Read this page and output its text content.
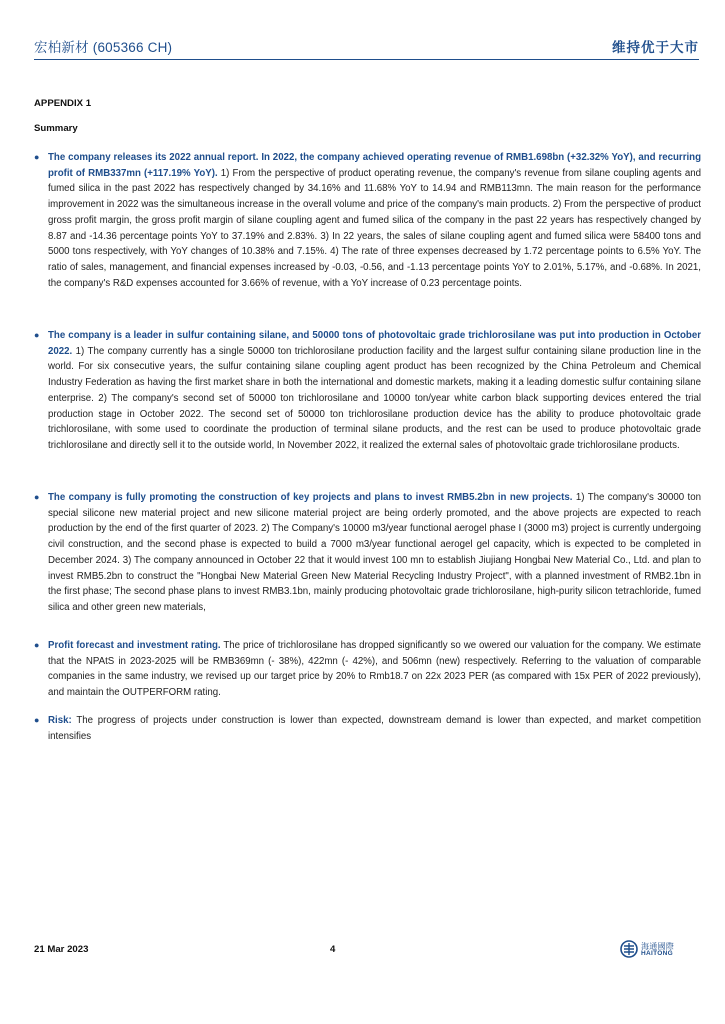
宏柏新材 (605366 CH)	维持优于大市
APPENDIX 1
Summary
● The company releases its 2022 annual report. In 2022, the company achieved operating revenue of RMB1.698bn (+32.32% YoY), and recurring profit of RMB337mn (+117.19% YoY). 1) From the perspective of product operating revenue, the company's revenue from silane coupling agents and fumed silica in the past 2022 has respectively changed by 34.16% and 11.68% YoY to 14.94 and RMB113mn. The main reason for the performance improvement in 2022 was the simultaneous increase in the overall volume and price of the company's main products. 2) From the perspective of product gross profit margin, the gross profit margin of silane coupling agent and fumed silica of the company in the past 22 years has respectively changed by 8.87 and -14.36 percentage points YoY to 37.19% and 2.83%. 3) In 22 years, the sales of silane coupling agent and fumed silica were 58400 tons and 5000 tons respectively, with YoY changes of 10.38% and 7.15%. 4) The rate of three expenses decreased by 1.72 percentage points to 6.5% YoY. The ratio of sales, management, and financial expenses increased by -0.03, -0.56, and -1.13 percentage points YoY to 2.01%, 5.17%, and -0.68%. In 2021, the company's R&D expenses accounted for 3.66% of revenue, with a YoY increase of 0.23 percentage points.
● The company is a leader in sulfur containing silane, and 50000 tons of photovoltaic grade trichlorosilane was put into production in October 2022. 1) The company currently has a single 50000 ton trichlorosilane production facility and the largest sulfur containing silane production line in the world. For six consecutive years, the sulfur containing silane coupling agent product has been recognized by the China Petroleum and Chemical Industry Federation as having the first market share in both the international and domestic markets, making it a leading domestic sulfur containing silane enterprise. 2) The company's second set of 50000 ton trichlorosilane and 10000 ton/year white carbon black supporting devices entered the trial production stage in October 2022. The second set of 50000 ton trichlorosilane production device has the ability to produce photovoltaic grade trichlorosilane, with some used to coordinate the production of terminal silane products, and the rest can be used to produce photovoltaic grade trichlorosilane and directly sell it to the outside world, In November 2022, it realized the external sales of photovoltaic grade trichlorosilane products.
● The company is fully promoting the construction of key projects and plans to invest RMB5.2bn in new projects. 1) The company's 30000 ton special silicone new material project and new silicone material project are being orderly promoted, and the above projects are expected to reach production by the end of the first quarter of 2023. 2) The Company's 10000 m3/year functional aerogel phase I (3000 m3) project is currently undergoing civil construction, and the second phase is expected to build a 7000 m3/year functional aerogel gel capacity, which is expected to be completed in December 2024. 3) The company announced in October 22 that it would invest 100 mn to establish Jiujiang Hongbai New Material Co., Ltd. and plan to invest RMB5.2bn to construct the "Hongbai New Material Green New Material Recycling Industry Project", with a planned investment of RMB2.1bn in the first phase; The second phase plans to invest RMB3.1bn, mainly producing photovoltaic grade trichlorosilane, high-purity silicon tetrachloride, fumed silica and other green new materials,
● Profit forecast and investment rating. The price of trichlorosilane has dropped significantly so we owered our valuation for the company. We estimate that the NPAtS in 2023-2025 will be RMB369mn (- 38%), 422mn (- 42%), and 506mn (new) respectively. Referring to the valuation of comparable companies in the same industry, we revised up our target price by 20% to Rmb18.7 on 22x 2023 PER (as compared with 15x PER of 2022 previously), and maintain the OUTPERFORM rating.
● Risk: The progress of projects under construction is lower than expected, downstream demand is lower than expected, and market competition intensifies
21 Mar 2023	4	海通國際
HAITONG
